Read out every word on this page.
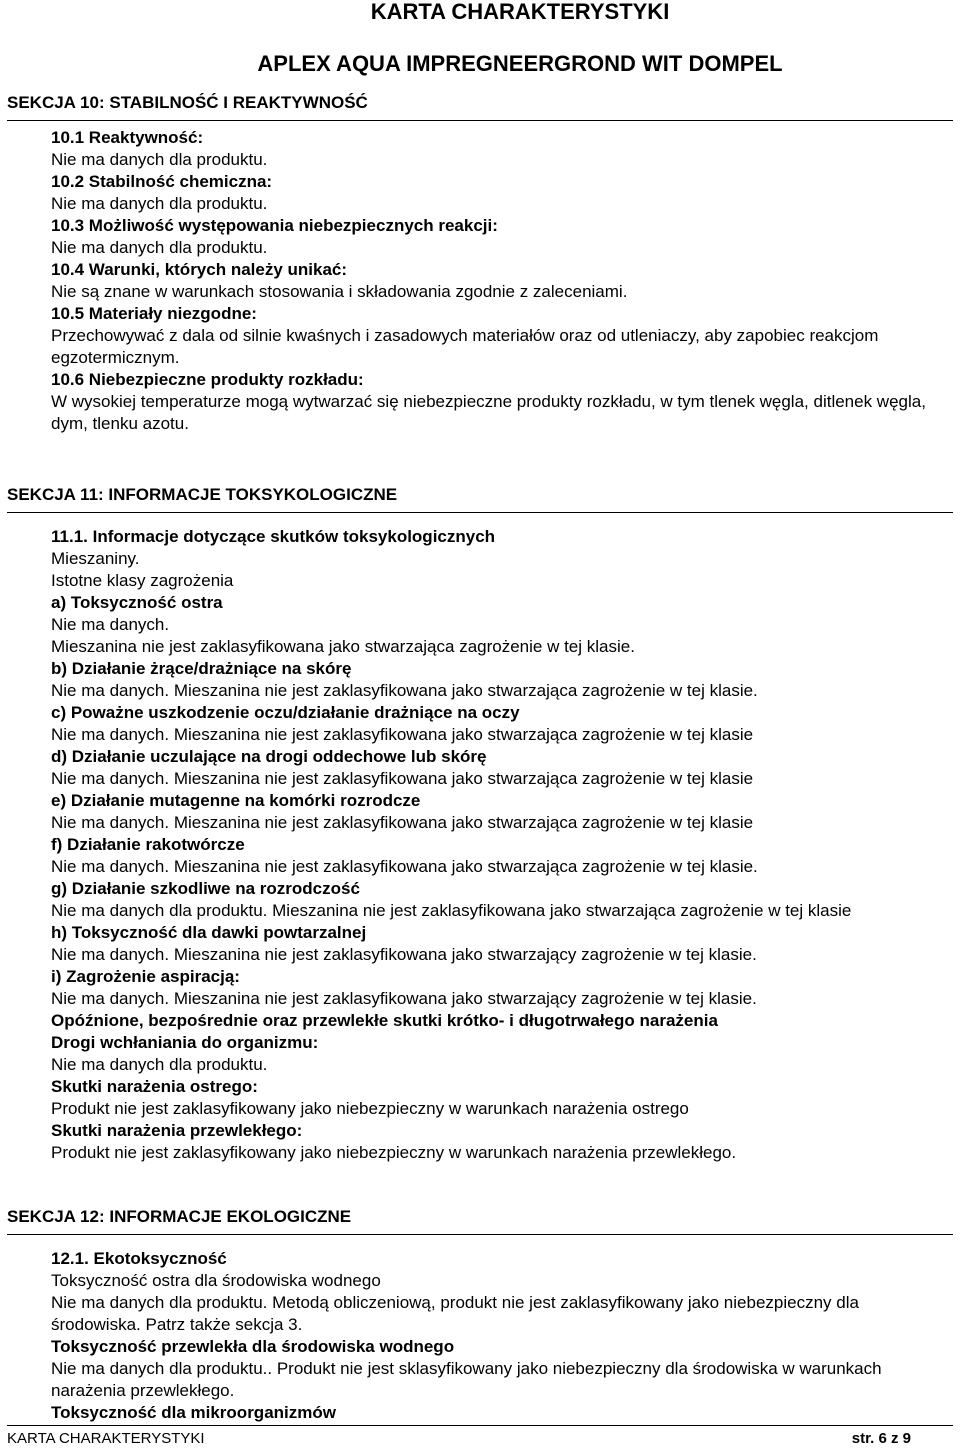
KARTA CHARAKTERYSTYKI
APLEX AQUA IMPREGNEERGROND WIT DOMPEL
SEKCJA 10: STABILNOŚĆ I REAKTYWNOŚĆ

10.1 Reaktywność:

Nie ma danych dla produktu.

10.2 Stabilność chemiczna:

Nie ma danych dla produktu.

10.3 Możliwość występowania niebezpiecznych reakcji:

Nie ma danych dla produktu.

10.4 Warunki, których należy unikać:

Nie są znane w warunkach stosowania i składowania zgodnie z zaleceniami.

10.5 Materiały niezgodne:

Przechowywać z dala od silnie kwaśnych i zasadowych materiałów oraz od utleniaczy, aby zapobiec reakcjom egzotermicznym.

10.6 Niebezpieczne produkty rozkładu:

W wysokiej temperaturze mogą wytwarzać się niebezpieczne produkty rozkładu, w tym tlenek węgla, ditlenek węgla, dym, tlenku azotu.

SEKCJA 11: INFORMACJE TOKSYKOLOGICZNE

11.1. Informacje dotyczące skutków toksykologicznych

Mieszaniny.

Istotne klasy zagrożenia

a) Toksyczność ostra

Nie ma danych.

Mieszanina nie jest zaklasyfikowana jako stwarzająca zagrożenie w tej klasie.

b) Działanie żrące/drażniące na skórę

Nie ma danych. Mieszanina nie jest zaklasyfikowana jako stwarzająca zagrożenie w tej klasie.

c) Poważne uszkodzenie oczu/działanie drażniące na oczy

Nie ma danych. Mieszanina nie jest zaklasyfikowana jako stwarzająca zagrożenie w tej klasie

d) Działanie uczulające na drogi oddechowe lub skórę

Nie ma danych. Mieszanina nie jest zaklasyfikowana jako stwarzająca zagrożenie w tej klasie

e) Działanie mutagenne na komórki rozrodcze

Nie ma danych. Mieszanina nie jest zaklasyfikowana jako stwarzająca zagrożenie w tej klasie

f) Działanie rakotwórcze

Nie ma danych. Mieszanina nie jest zaklasyfikowana jako stwarzająca zagrożenie w tej klasie.

g) Działanie szkodliwe na rozrodczość

Nie ma danych dla produktu. Mieszanina nie jest zaklasyfikowana jako stwarzająca zagrożenie w tej klasie

h) Toksyczność dla dawki powtarzalnej

Nie ma danych. Mieszanina nie jest zaklasyfikowana jako stwarzający zagrożenie w tej klasie.

i) Zagrożenie aspiracją:

Nie ma danych. Mieszanina nie jest zaklasyfikowana jako stwarzający zagrożenie w tej klasie.

Opóźnione, bezpośrednie oraz przewlekłe skutki krótko- i długotrwałego narażenia

Drogi wchłaniania do organizmu:

Nie ma danych dla produktu.

Skutki narażenia ostrego:

Produkt nie jest zaklasyfikowany jako niebezpieczny w warunkach narażenia ostrego

Skutki narażenia przewlekłego:

Produkt nie jest zaklasyfikowany jako niebezpieczny w warunkach narażenia przewlekłego.

SEKCJA 12: INFORMACJE EKOLOGICZNE

12.1. Ekotoksyczność

Toksyczność ostra dla środowiska wodnego

Nie ma danych dla produktu. Metodą obliczeniową, produkt nie jest zaklasyfikowany jako niebezpieczny dla środowiska. Patrz także sekcja 3.

Toksyczność przewlekła dla środowiska wodnego

Nie ma danych dla produktu.. Produkt nie jest sklasyfikowany jako niebezpieczny dla środowiska w warunkach narażenia przewlekłego.

Toksyczność dla mikroorganizmów

KARTA CHARAKTERYSTYKI	str. 6 z 9
